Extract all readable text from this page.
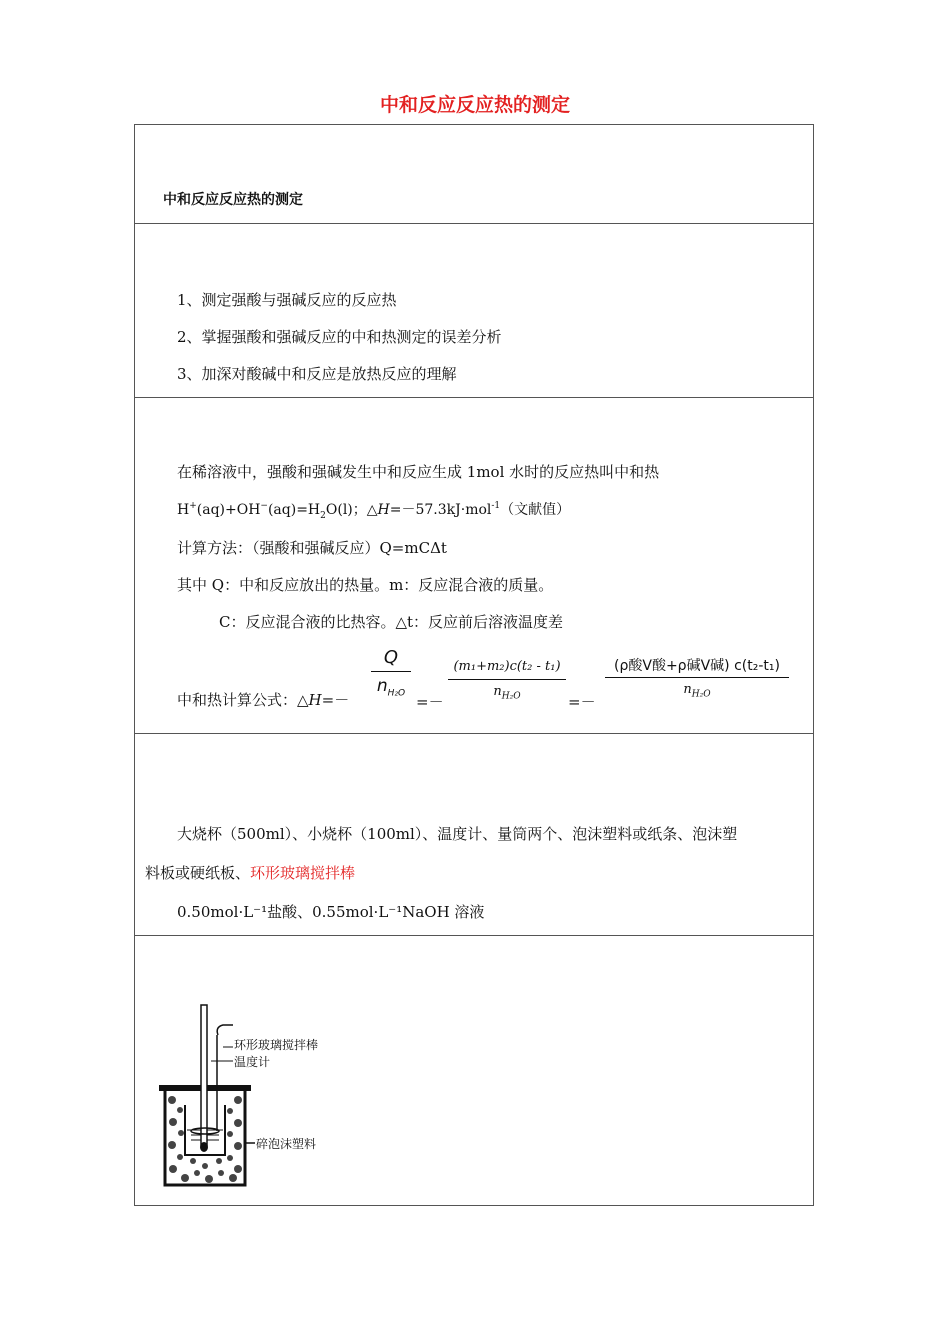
中和反应反应热的测定
中和反应反应热的测定
1、测定强酸与强碱反应的反应热
2、掌握强酸和强碱反应的中和热测定的误差分析
3、加深对酸碱中和反应是放热反应的理解
在稀溶液中，强酸和强碱发生中和反应生成 1mol 水时的反应热叫中和热
$H^+(aq)+OH^-(aq)=H_2O(l)$；△H=－57.3kJ·mol$^{-1}$（文献值）
计算方法：（强酸和强碱反应）Q=mCΔt
其中 Q：中和反应放出的热量。m：反应混合液的质量。
C：反应混合液的比热容。△t：反应前后溶液温度差
中和热计算公式：△H=－
Q
$n_{H_2O}$ =－
(m₁+m₂)c(t₂ - t₁)
$n_{H_2O}$	=－
(ρ酸V酸+ρ碱V碱) c(t₂-t₁)
$n_{H_2O}$
大烧杯（500ml）、小烧杯（100ml）、温度计、量筒两个、泡沫塑料或纸条、泡沫塑
料板或硬纸板、环形玻璃搅拌棒
0.50mol·L⁻¹盐酸、0.55mol·L⁻¹NaOH 溶液
环形玻璃搅拌棒
温度计
碎泡沫塑料
